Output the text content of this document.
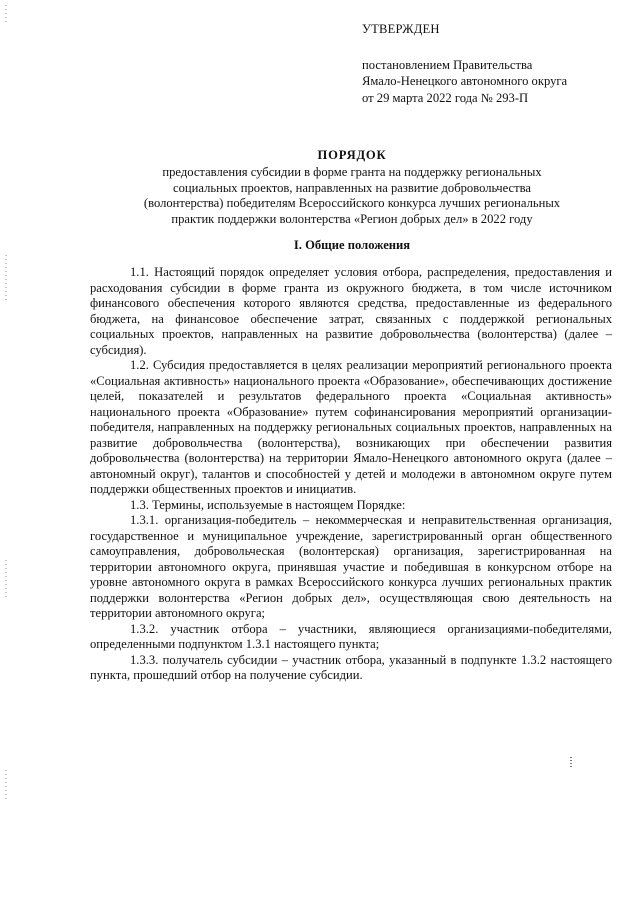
УТВЕРЖДЕН
постановлением Правительства
Ямало-Ненецкого автономного округа
от 29 марта 2022 года № 293-П
ПОРЯДОК
предоставления субсидии в форме гранта на поддержку региональных
социальных проектов, направленных на развитие добровольчества
(волонтерства) победителям Всероссийского конкурса лучших региональных
практик поддержки волонтерства «Регион добрых дел» в 2022 году
I. Общие положения

1.1. Настоящий порядок определяет условия отбора, распределения, предоставления и расходования субсидии в форме гранта из окружного бюджета, в том числе источником финансового обеспечения которого являются средства, предоставленные из федерального бюджета, на финансовое обеспечение затрат, связанных с поддержкой региональных социальных проектов, направленных на развитие добровольчества (волонтерства) (далее – субсидия).

1.2. Субсидия предоставляется в целях реализации мероприятий регионального проекта «Социальная активность» национального проекта «Образование», обеспечивающих достижение целей, показателей и результатов федерального проекта «Социальная активность» национального проекта «Образование» путем софинансирования мероприятий организации-победителя, направленных на поддержку региональных социальных проектов, направленных на развитие добровольчества (волонтерства), возникающих при обеспечении развития добровольчества (волонтерства) на территории Ямало-Ненецкого автономного округа (далее – автономный округ), талантов и способностей у детей и молодежи в автономном округе путем поддержки общественных проектов и инициатив.

1.3. Термины, используемые в настоящем Порядке:

1.3.1. организация-победитель – некоммерческая и неправительственная организация, государственное и муниципальное учреждение, зарегистрированный орган общественного самоуправления, добровольческая (волонтерская) организация, зарегистрированная на территории автономного округа, принявшая участие и победившая в конкурсном отборе на уровне автономного округа в рамках Всероссийского конкурса лучших региональных практик поддержки волонтерства «Регион добрых дел», осуществляющая свою деятельность на территории автономного округа;

1.3.2. участник отбора – участники, являющиеся организациями-победителями, определенными подпунктом 1.3.1 настоящего пункта;

1.3.3. получатель субсидии – участник отбора, указанный в подпункте 1.3.2 настоящего пункта, прошедший отбор на получение субсидии.
